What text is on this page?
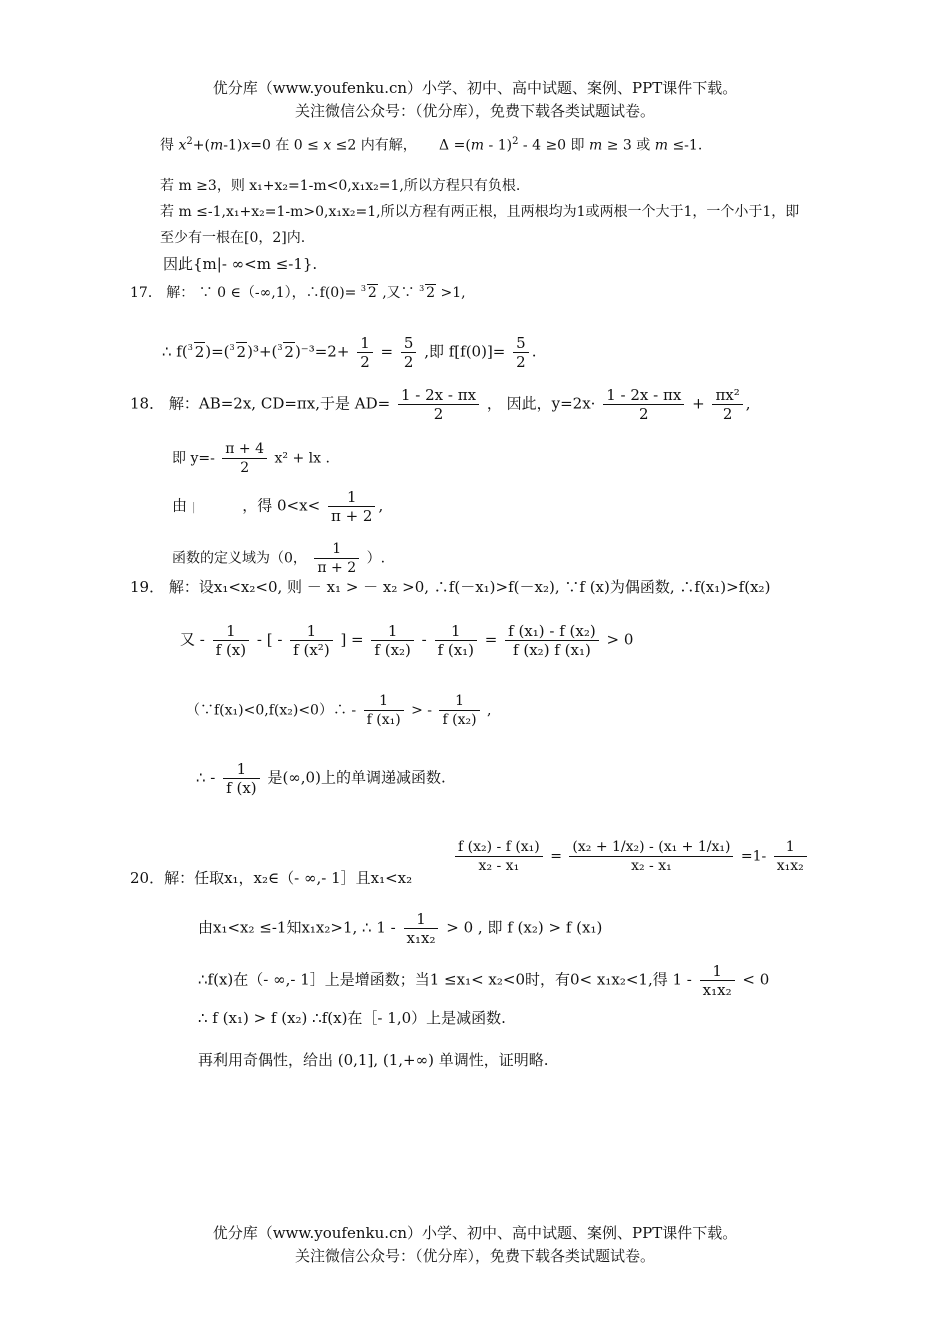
优分库（www.youfenku.cn）小学、初中、高中试题、案例、PPT课件下载。
关注微信公众号：（优分库），免费下载各类试题试卷。
得 $x^2+(m-1)x=0$ 在 0 ≤ x ≤2 内有解，     Δ =(m - 1)$^2$ - 4 ≥0 即 m ≥ 3 或 m ≤-1.
若 m ≥3，则 x₁+x₂=1-m<0,x₁x₂=1,所以方程只有负根.
若 m ≤-1,x₁+x₂=1-m>0,x₁x₂=1,所以方程有两正根，且两根均为1或两根一个大于1，一个小于1，即
至少有一根在[0，2]内.
因此{m|- ∞<m ≤-1}.
17． 解： ∵ 0 ∈（-∞,1），∴f(0)= 3 2 ,又∵ 3 2 >1,
∴ f( 3 2)=( 3 2)³+( 3 $2)^{-3}=2+ \frac{1}{2} = \frac{5}{2}$ ,即 $f[f(0)]= \frac{5}{2}$ .
18． 解：AB=2x, CD=πx,于是 $AD= \frac{1 - 2x - \pi x}{2}$ ， 因此，$y=2x\cdot \frac{1 - 2x - \pi x}{2} + \frac{\text{πx²}}{2}$ ,
即 $y=- \frac{\pi + 4}{2} x^2$ + lx .
由 |             ，得 $0<x< \frac{1}{\pi + 2}$ ,
函数的定义域为（0， $\frac{1}{\pi + 2}$ ）.
19． 解：设x₁<x₂<0, 则 － x₁ > － x₂ >0, ∴f(－x₁)>f(－x₂), ∵f (x)为偶函数, ∴f(x₁)>f(x₂)
又 - $\frac{1}{f (x)}$ - [ - $\frac{1}{\text{f (x²)}}$ ] = $\frac{1}{\text{f (x₂)}} - \frac{1}{\text{f (x₁)}} = \frac{\text{f (x₁) - f (x₂)}}{\text{f (x₂) f (x₁)}} > 0$
（∵f(x₁)<0,f(x₂)<0）∴ - $\frac{1}{\text{f (x₁)}}$ > - $\frac{1}{\text{f (x₂)}}$ ,
∴ - $\frac{1}{f (x)}$ 是(∞,0)上的单调递减函数.
20．解：任取x₁，x₂∈（- ∞,- 1］且x₁<x₂
$\frac{\text{f (x₂) - f (x₁)}}{\text{x₂ - x₁}} = \frac{\text{(x₂ + 1/x₂) - (x₁ + 1/x₁)}}{\text{x₂ - x₁}} =1- \frac{1}{\text{x₁x₂}}$
由x₁<x₂ ≤-1知x₁x₂>1, ∴ $1 - \frac{1}{\text{x₁x₂}} > 0$ , 即 f (x₂) > f (x₁)
∴f(x)在（- ∞,- 1］上是增函数；当1 ≤x₁< x₂<0时，有0< x₁x₂<1,得 $1 - \frac{1}{\text{x₁x₂}} < 0$
∴ f (x₁) > f (x₂) ∴f(x)在［- 1,0）上是减函数.
再利用奇偶性，给出 (0,1], (1,+∞) 单调性，证明略.
优分库（www.youfenku.cn）小学、初中、高中试题、案例、PPT课件下载。
关注微信公众号：（优分库），免费下载各类试题试卷。
